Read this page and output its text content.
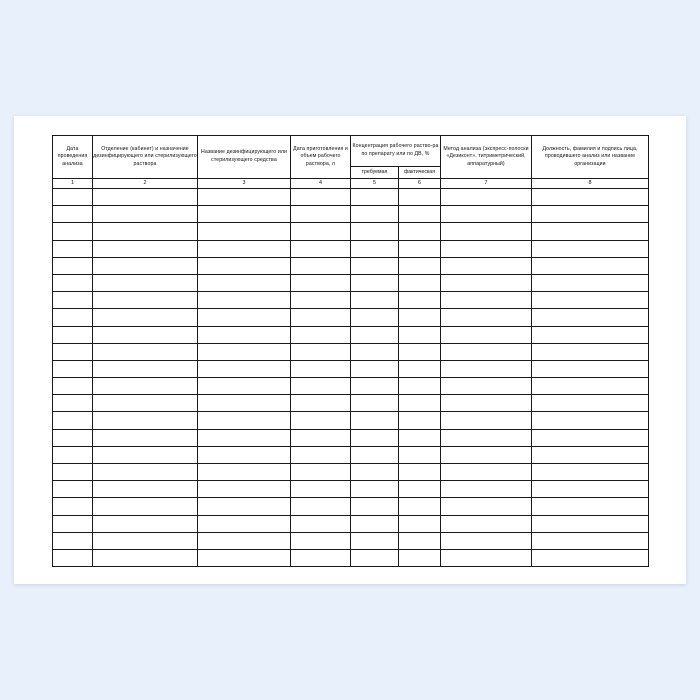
Дата проведения анализа	Отделение (кабинет) и назначение дезинфицирующего или стерилизующего раствора	Название дезинфицирующего или стерилизующего средства	Дата приготовления и объем рабочего раствора, л	Концентрация рабочего раство-ра по препарату или по ДВ, %		Метод анализа (экспресс-полоски «Дезиконт», титриметрический, аппаратурный)	Должность, фамилия и подпись лица, проводившего анализ или название организации
				требуемая	фактическая		
1	2	3	4	5	6	7	8
